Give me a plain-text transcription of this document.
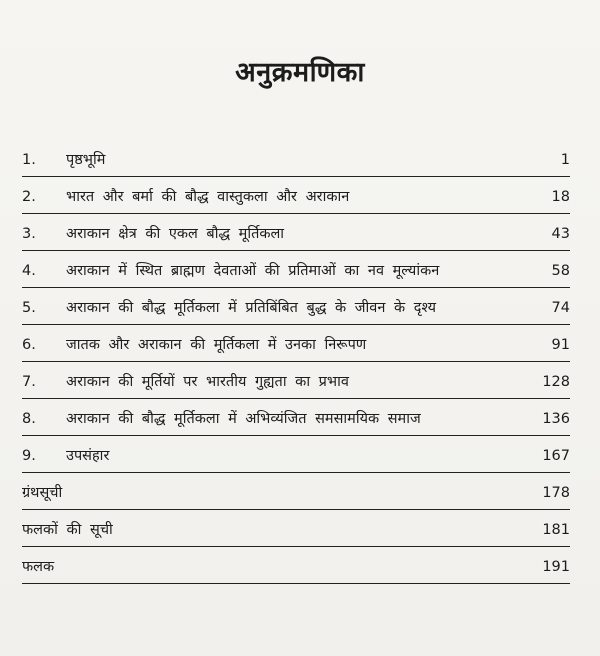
अनुक्रमणिका
1.	पृष्ठभूमि	1
2.	भारत और बर्मा की बौद्ध वास्तुकला और अराकान	18
3.	अराकान क्षेत्र की एकल बौद्ध मूर्तिकला	43
4.	अराकान में स्थित ब्राह्मण देवताओं की प्रतिमाओं का नव मूल्यांकन	58
5.	अराकान की बौद्ध मूर्तिकला में प्रतिबिंबित बुद्ध के जीवन के दृश्य	74
6.	जातक और अराकान की मूर्तिकला में उनका निरूपण	91
7.	अराकान की मूर्तियों पर भारतीय गुह्यता का प्रभाव	128
8.	अराकान की बौद्ध मूर्तिकला में अभिव्यंजित समसामयिक समाज	136
9.	उपसंहार	167
ग्रंथसूची	178
फलकों की सूची	181
फलक	191
